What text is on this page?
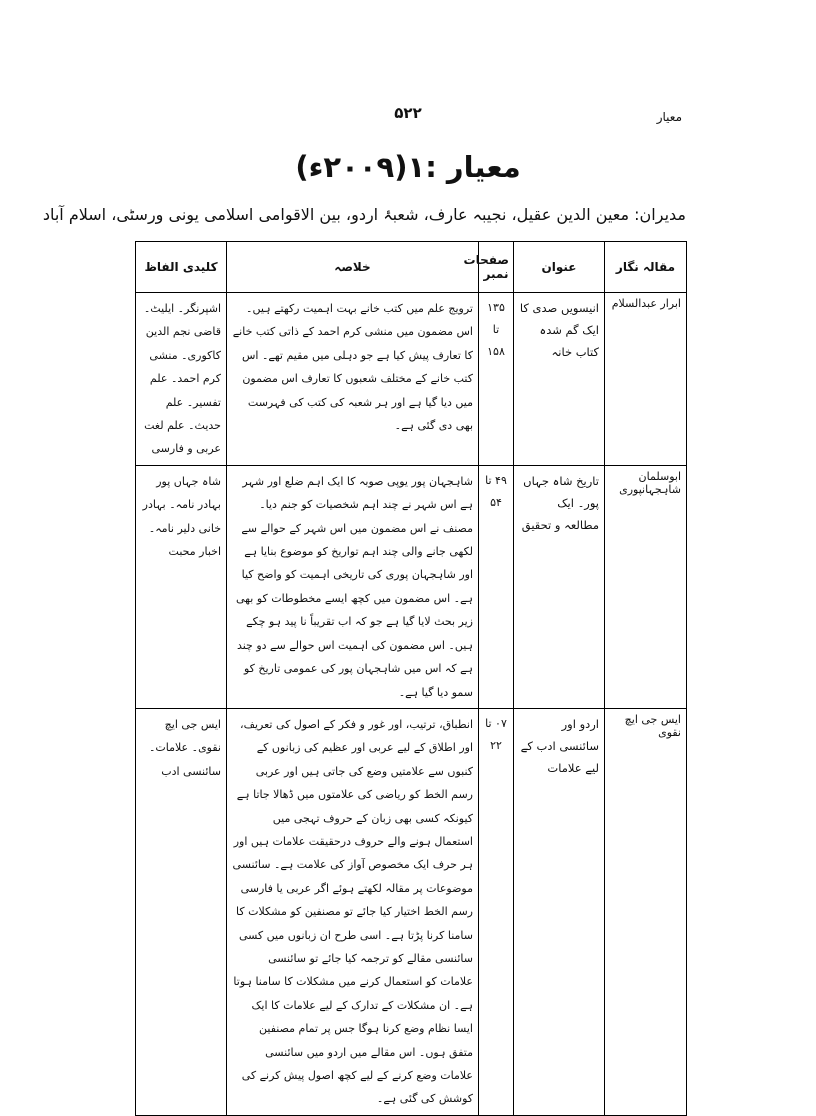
۵۲۲	معیار
معیار :۱(۲۰۰۹ء)
مدیران: معین الدین عقیل، نجیبہ عارف، شعبۂ اردو، بین الاقوامی اسلامی یونی ورسٹی، اسلام آباد
مقالہ نگار	عنوان	صفحات نمبر	خلاصہ	کلیدی الفاظ
ابرار عبدالسلام	انیسویں صدی کا ایک گم شدہ کتاب خانہ	۱۳۵ تا ۱۵۸	ترویج علم میں کتب خانے بہت اہمیت رکھتے ہیں۔ اس مضمون میں منشی کرم احمد کے ذاتی کتب خانے کا تعارف پیش کیا ہے جو دہلی میں مقیم تھے۔ اس کتب خانے کے مختلف شعبوں کا تعارف اس مضمون میں دیا گیا ہے اور ہر شعبہ کی کتب کی فہرست بھی دی گئی ہے۔	اشپرنگر۔ ایلیٹ۔ قاضی نجم الدین کاکوری۔ منشی کرم احمد۔ علم تفسیر۔ علم حدیث۔ علم لغت عربی و فارسی
ابوسلمان شاہجہانپوری	تاریخ شاہ جہاں پور۔ ایک مطالعہ و تحقیق	۴۹ تا ۵۴	شاہجہان پور یوپی صوبہ کا ایک اہم ضلع اور شہر ہے اس شہر نے چند اہم شخصیات کو جنم دیا۔ مصنف نے اس مضمون میں اس شہر کے حوالے سے لکھی جانے والی چند اہم تواریخ کو موضوع بنایا ہے اور شاہجہان پوری کی تاریخی اہمیت کو واضح کیا ہے۔ اس مضمون میں کچھ ایسے مخطوطات کو بھی زیر بحث لایا گیا ہے جو کہ اب تقریباً نا پید ہو چکے ہیں۔ اس مضمون کی اہمیت اس حوالے سے دو چند ہے کہ اس میں شاہجہان پور کی عمومی تاریخ کو سمو دیا گیا ہے۔	شاہ جہاں پور بہادر نامہ۔ بہادر خانی دلیر نامہ۔ اخبار محبت
ایس جی ایچ نقوی	اردو اور سائنسی ادب کے لیے علامات	۰۷ تا ۲۲	انطباق، ترتیب، اور غور و فکر کے اصول کی تعریف، اور اطلاق کے لیے عربی اور عظیم کی زبانوں کے کنبوں سے علامتیں وضع کی جاتی ہیں اور عربی رسم الخط کو ریاضی کی علامتوں میں ڈھالا جاتا ہے کیونکہ کسی بھی زبان کے حروف تہجی میں استعمال ہونے والے حروف درحقیقت علامات ہیں اور ہر حرف ایک مخصوص آواز کی علامت ہے۔ سائنسی موضوعات پر مقالہ لکھتے ہوئے اگر عربی یا فارسی رسم الخط اختیار کیا جائے تو مصنفین کو مشکلات کا سامنا کرنا پڑتا ہے۔ اسی طرح ان زبانوں میں کسی سائنسی مقالے کو ترجمہ کیا جائے تو سائنسی علامات کو استعمال کرنے میں مشکلات کا سامنا ہوتا ہے۔ ان مشکلات کے تدارک کے لیے علامات کا ایک ایسا نظام وضع کرنا ہوگا جس پر تمام مصنفین متفق ہوں۔ اس مقالے میں اردو میں سائنسی علامات وضع کرنے کے لیے کچھ اصول پیش کرنے کی کوشش کی گئی ہے۔	ایس جی ایچ نقوی۔ علامات۔ سائنسی ادب
